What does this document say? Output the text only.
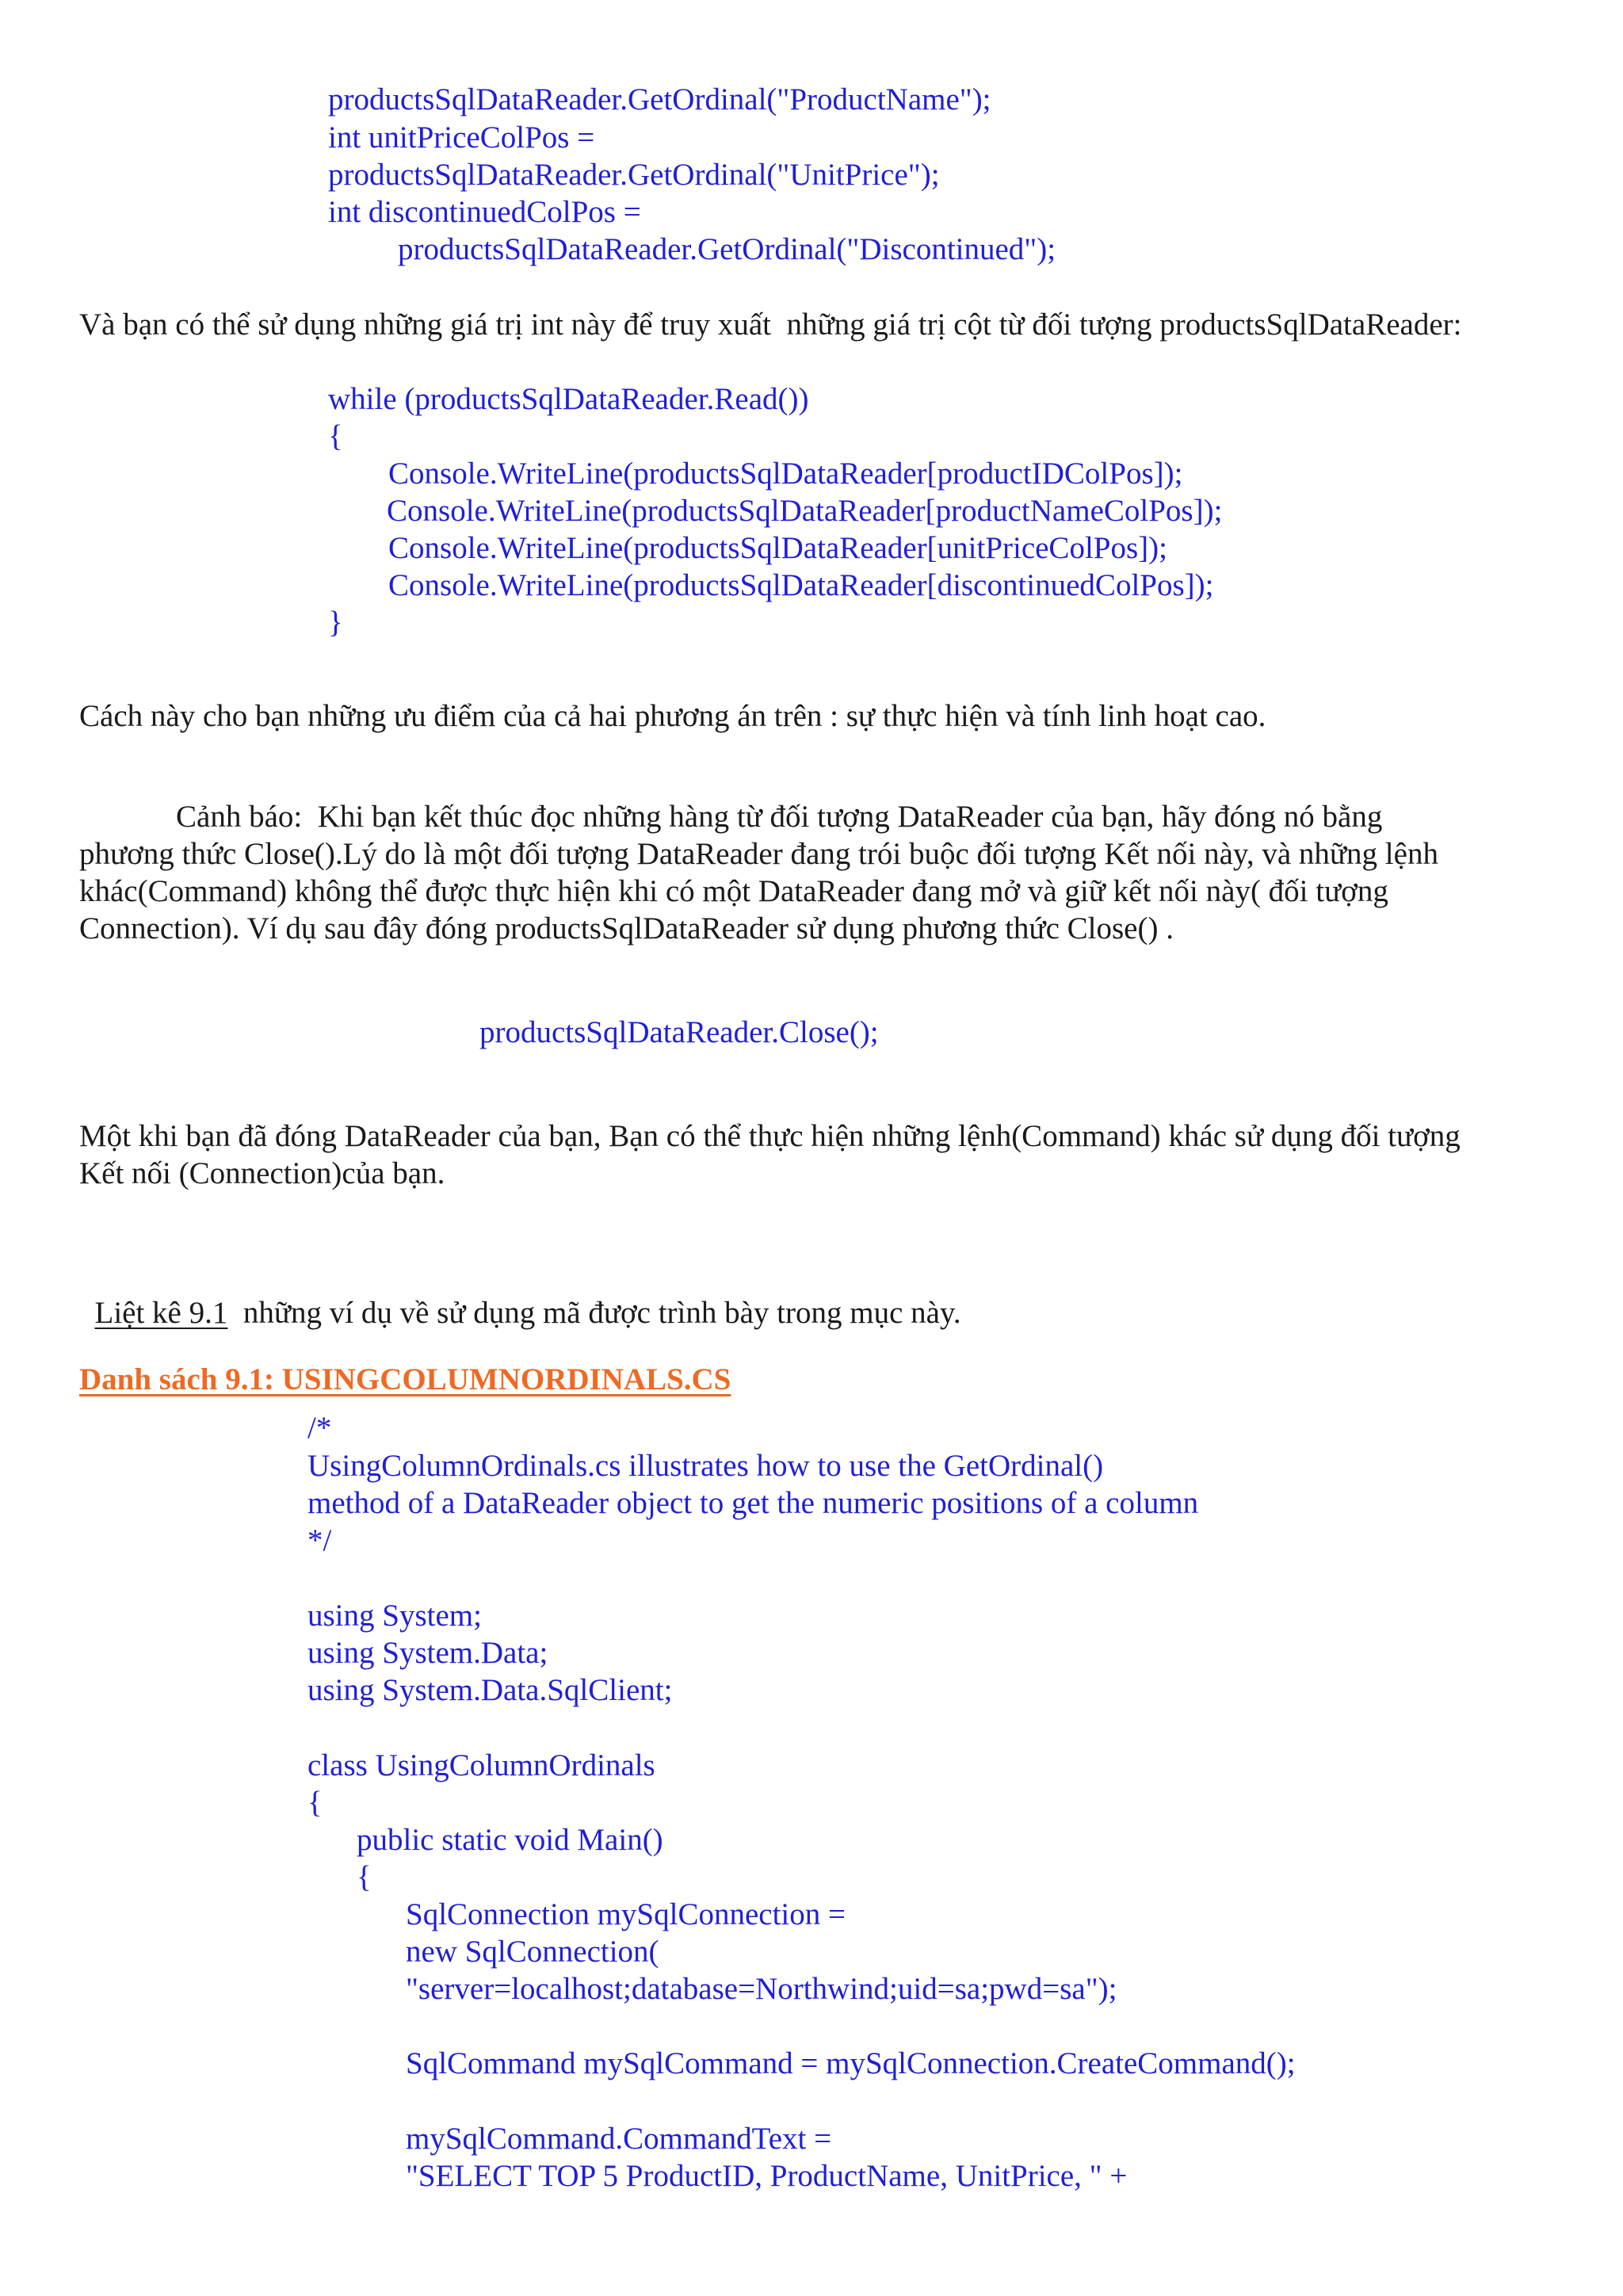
productsSqlDataReader.GetOrdinal("ProductName");
int unitPriceColPos =
productsSqlDataReader.GetOrdinal("UnitPrice");
int discontinuedColPos =
productsSqlDataReader.GetOrdinal("Discontinued");
Và bạn có thể sử dụng những giá trị int này để truy xuất  những giá trị cột từ đối tượng productsSqlDataReader:
while (productsSqlDataReader.Read())
{
Console.WriteLine(productsSqlDataReader[productIDColPos]);
Console.WriteLine(productsSqlDataReader[productNameColPos]);
Console.WriteLine(productsSqlDataReader[unitPriceColPos]);
Console.WriteLine(productsSqlDataReader[discontinuedColPos]);
}
Cách này cho bạn những ưu điểm của cả hai phương án trên : sự thực hiện và tính linh hoạt cao.
Cảnh báo:  Khi bạn kết thúc đọc những hàng từ đối tượng DataReader của bạn, hãy đóng nó bằng
phương thức Close().Lý do là một đối tượng DataReader đang trói buộc đối tượng Kết nối này, và những lệnh
khác(Command) không thể được thực hiện khi có một DataReader đang mở và giữ kết nối này( đối tượng
Connection). Ví dụ sau đây đóng productsSqlDataReader sử dụng phương thức Close() .
productsSqlDataReader.Close();
Một khi bạn đã đóng DataReader của bạn, Bạn có thể thực hiện những lệnh(Command) khác sử dụng đối tượng
Kết nối (Connection)của bạn.

Liệt kê 9.1  những ví dụ về sử dụng mã được trình bày trong mục này.

Danh sách 9.1: USINGCOLUMNORDINALS.CS
/*
UsingColumnOrdinals.cs illustrates how to use the GetOrdinal()
method of a DataReader object to get the numeric positions of a column
*/
using System;
using System.Data;
using System.Data.SqlClient;
class UsingColumnOrdinals
{
public static void Main()
{
SqlConnection mySqlConnection =
new SqlConnection(
"server=localhost;database=Northwind;uid=sa;pwd=sa");
SqlCommand mySqlCommand = mySqlConnection.CreateCommand();
mySqlCommand.CommandText =
"SELECT TOP 5 ProductID, ProductName, UnitPrice, " +
